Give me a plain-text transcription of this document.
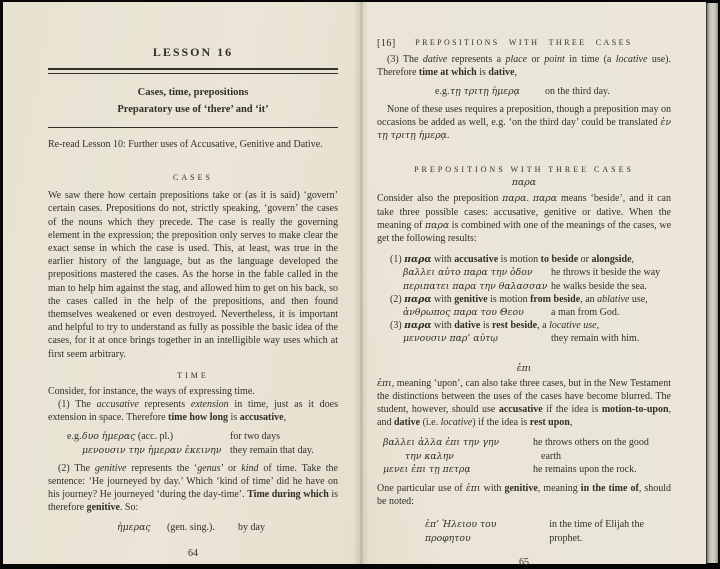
LESSON 16
Cases, time, prepositions
Preparatory use of ‘there’ and ‘it’
Re-read Lesson 10: Further uses of Accusative, Genitive and Dative.
CASES
We saw there how certain prepositions take or (as it is said) ‘govern’ certain cases. Prepositions do not, strictly speaking, ‘govern’ the cases of the nouns which they precede. The case is really the governing element in the expression; the preposition only serves to make clear the exact sense in which the case is used. This, at least, was true in the earlier history of the language, but as the language developed the prepositions mastered the cases. As the horse in the fable called in the man to help him against the stag, and allowed him to get on his back, so the cases called in the help of the prepositions, and then found themselves weakened or even destroyed. Nevertheless, it is important and helpful to try to understand as fully as possible the basic idea of the cases, for it at once brings together in an intelligible way uses which at first seem arbitrary.
TIME
Consider, for instance, the ways of expressing time.
(1) The accusative represents extension in time, just as it does extension in space. Therefore time how long is accusative,
e.g. δυο ἡμερας (acc. pl.)	for two days
μενουσιν την ἡμεραν ἐκεινην they remain that day.
(2) The genitive represents the ‘genus’ or kind of time. Take the sentence: ‘He journeyed by day.’ Which ‘kind of time’ did he have on his journey? He journeyed ‘during the day-time’. Time during which is therefore genitive. So:
ἡμερας	(gen. sing.).	by day
64
[16] PREPOSITIONS WITH THREE CASES
(3) The dative represents a place or point in time (a locative use). Therefore time at which is dative,
e.g. τῃ τριτῃ ἡμερᾳ	on the third day.
None of these uses requires a preposition, though a preposition may on occasions be added as well, e.g. ‘on the third day’ could be translated ἐν τῃ τριτῃ ἡμερᾳ.
PREPOSITIONS WITH THREE CASES
παρα
Consider also the preposition παρα. παρα means ‘beside’, and it can take three possible cases: accusative, genitive or dative. When the meaning of παρα is combined with one of the meanings of the cases, we get the following results:
(1) παρα with accusative is motion to beside or alongside,
βαλλει αὐτο παρα την ὁδον	he throws it beside the way
περιπατει παρα την θαλασσαν he walks beside the sea.
(2) παρα with genitive is motion from beside, an ablative use,
ἀνθρωπος παρα του Θεου	a man from God.
(3) παρα with dative is rest beside, a locative use,
μενουσιν παρ’ αὐτῳ	they remain with him.
ἐπι
ἐπι, meaning ‘upon’, can also take three cases, but in the New Testament the distinctions between the uses of the cases have become blurred. The student, however, should use accusative if the idea is motion-to-upon, and dative (i.e. locative) if the idea is rest upon,
βαλλει ἀλλα ἐπι την γην	he throws others on the good
την καλην	earth
μενει ἐπι τῃ πετρᾳ	he remains upon the rock.
One particular use of ἐπι with genitive, meaning in the time of, should be noted:
ἐπ’ Ἡλειου του προφητου
in the time of Elijah the prophet.
65
